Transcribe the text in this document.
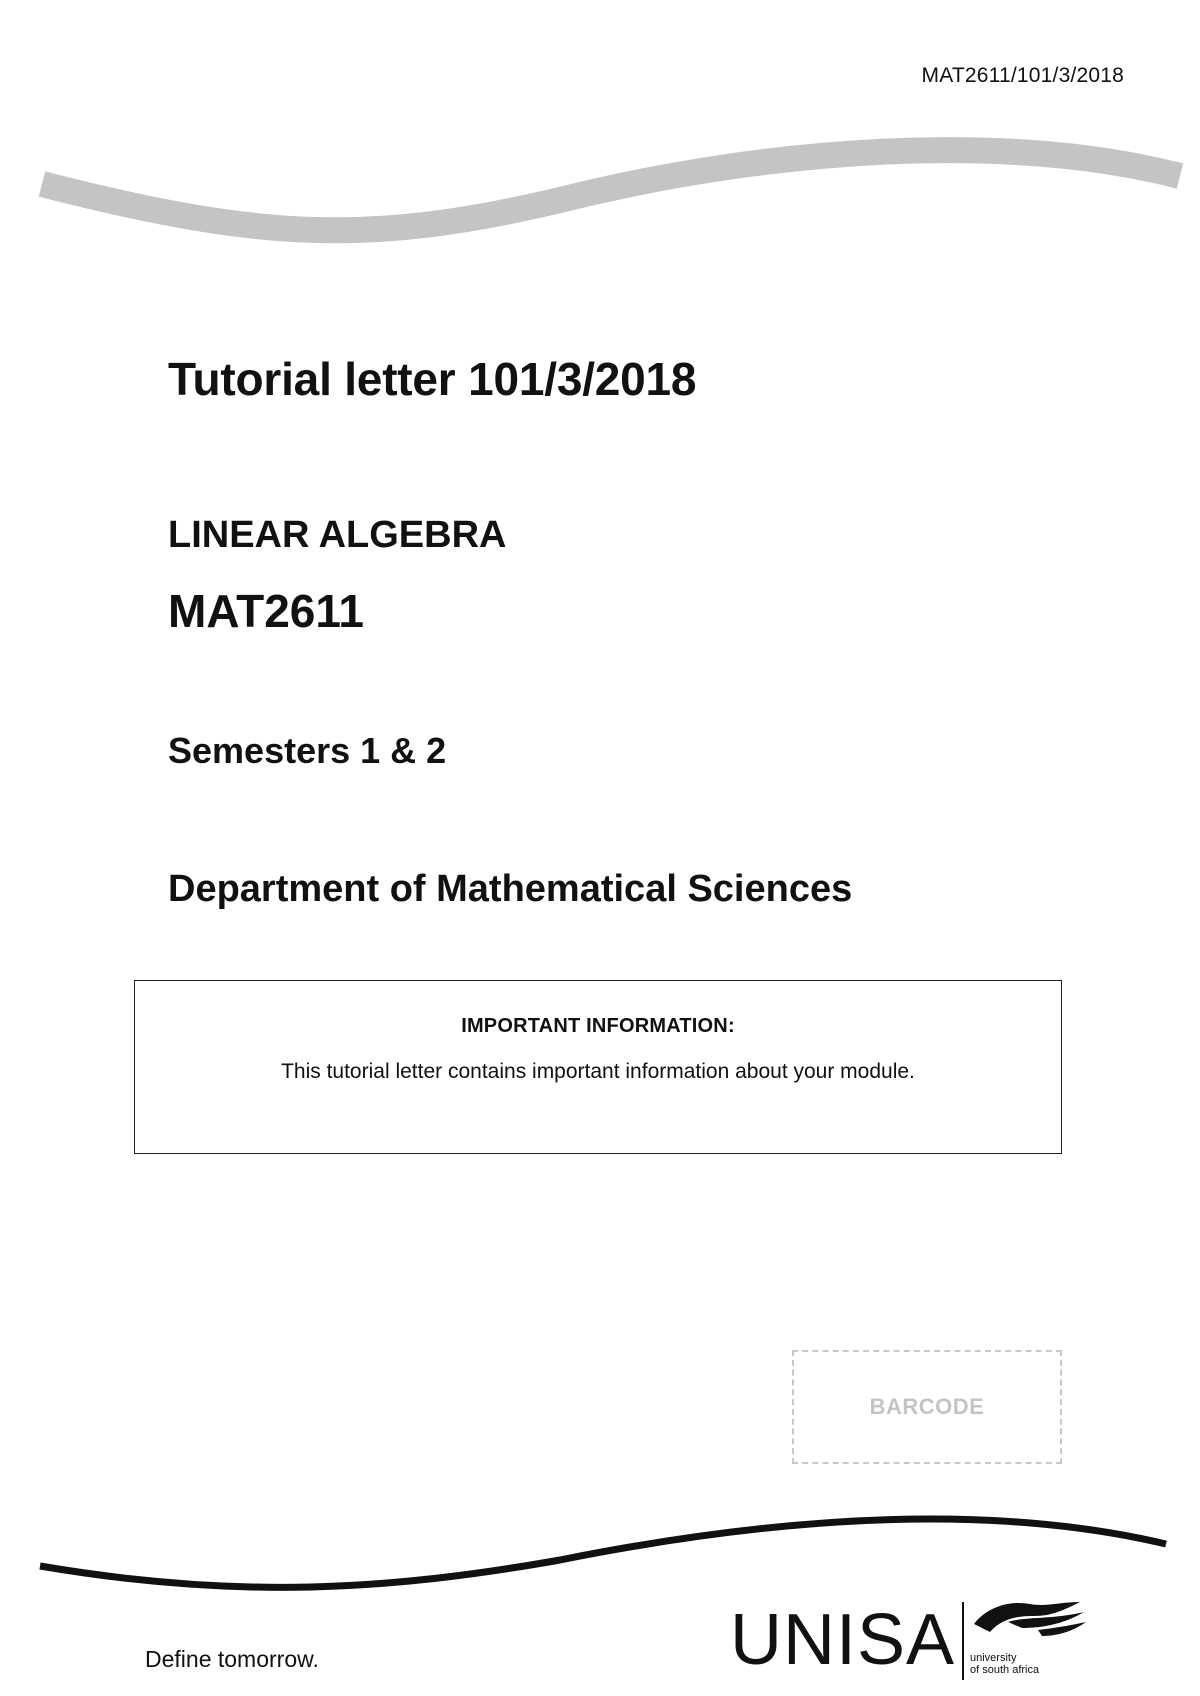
MAT2611/101/3/2018
Tutorial letter 101/3/2018
LINEAR ALGEBRA
MAT2611
Semesters 1 & 2
Department of Mathematical Sciences
IMPORTANT INFORMATION:
This tutorial letter contains important information about your module.
BARCODE
Define tomorrow.	UNISA university
of south africa
